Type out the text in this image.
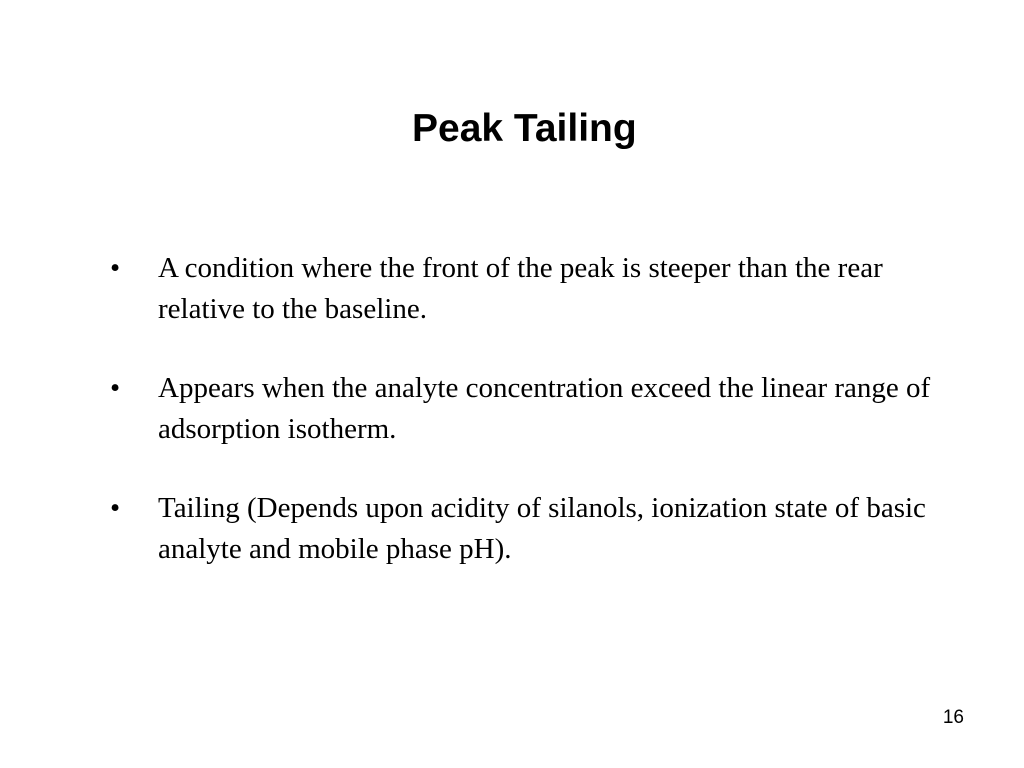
Peak Tailing
•	A condition where the front of the peak is steeper than the rear relative to the baseline.
•	Appears when the analyte concentration exceed the linear range of adsorption isotherm.
•	Tailing (Depends upon acidity of silanols, ionization state of basic analyte and mobile phase pH).

16
